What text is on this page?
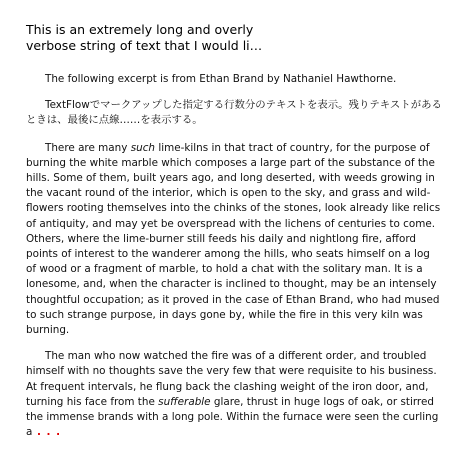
This is an extremely long and overly
verbose string of text that I would li…

The following excerpt is from Ethan Brand by Nathaniel Hawthorne.

TextFlowでマークアップした指定する行数分のテキストを表示。残りテキストがあるときは、最後に点線……を表示する。

There are many such lime-kilns in that tract of country, for the purpose of burning the white marble which composes a large part of the substance of the hills. Some of them, built years ago, and long deserted, with weeds growing in the vacant round of the interior, which is open to the sky, and grass and wild-flowers rooting themselves into the chinks of the stones, look already like relics of antiquity, and may yet be overspread with the lichens of centuries to come. Others, where the lime-burner still feeds his daily and nightlong fire, afford points of interest to the wanderer among the hills, who seats himself on a log of wood or a fragment of marble, to hold a chat with the solitary man. It is a lonesome, and, when the character is inclined to thought, may be an intensely thoughtful occupation; as it proved in the case of Ethan Brand, who had mused to such strange purpose, in days gone by, while the fire in this very kiln was burning.

The man who now watched the fire was of a different order, and troubled himself with no thoughts save the very few that were requisite to his business. At frequent intervals, he flung back the clashing weight of the iron door, and, turning his face from the sufferable glare, thrust in huge logs of oak, or stirred the immense brands with a long pole. Within the furnace were seen the curling a . . .
